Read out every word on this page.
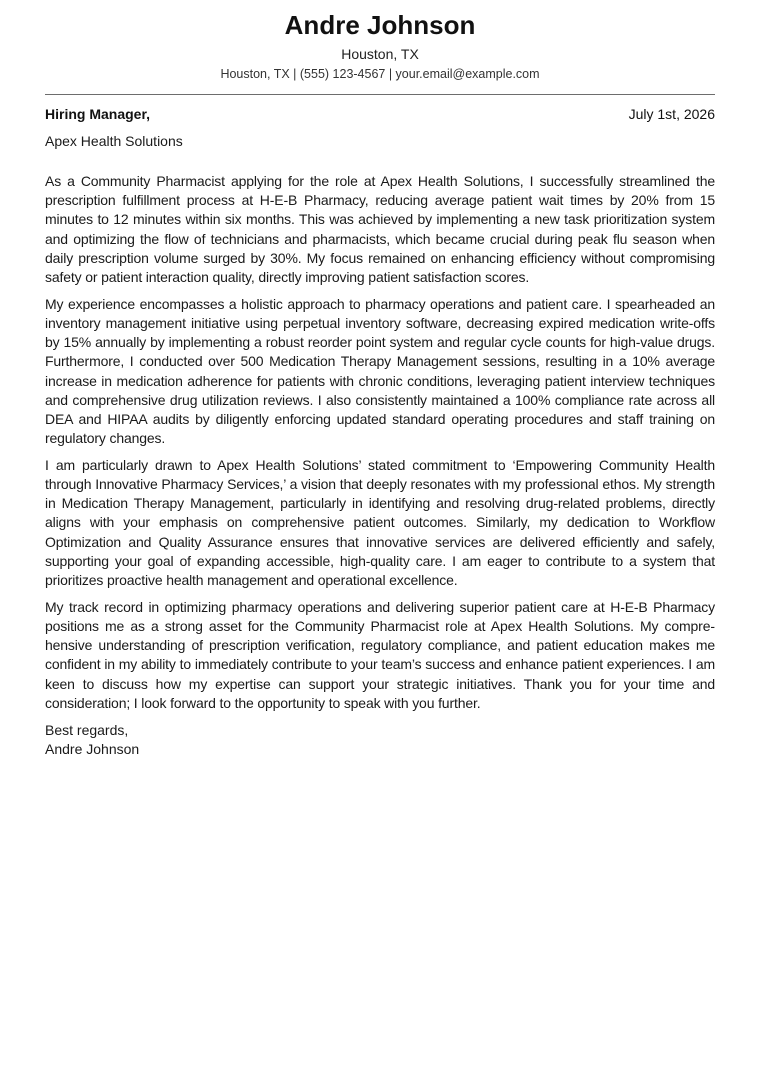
Andre Johnson
Houston, TX
Houston, TX | (555) 123-4567 | your.email@example.com
Hiring Manager,	July 1st, 2026
Apex Health Solutions

As a Community Pharmacist applying for the role at Apex Health Solutions, I successfully streamlined the prescription fulfillment process at H-E-B Pharmacy, reducing average patient wait times by 20% from 15 minutes to 12 minutes within six months. This was achieved by implementing a new task prioritization system and optimizing the flow of technicians and pharmacists, which became crucial during peak flu season when daily prescription volume surged by 30%. My focus remained on enhancing efficiency without compromising safety or patient interaction quality, directly improving patient satisfaction scores.

My experience encompasses a holistic approach to pharmacy operations and patient care. I spearheaded an inventory management initiative using perpetual inventory software, decreasing expired medication write-offs by 15% annually by implementing a robust reorder point system and regular cycle counts for high-value drugs. Furthermore, I conducted over 500 Medication Therapy Management sessions, resulting in a 10% average increase in medication adherence for patients with chronic conditions, leveraging patient interview techniques and comprehensive drug utilization reviews. I also consistently maintained a 100% compliance rate across all DEA and HIPAA audits by diligently enforcing updated standard operating procedures and staff training on regulatory changes.

I am particularly drawn to Apex Health Solutions’ stated commitment to ‘Empowering Community Health through Innovative Pharmacy Services,’ a vision that deeply resonates with my professional ethos. My strength in Medication Therapy Management, particularly in identifying and resolving drug-related problems, directly aligns with your emphasis on comprehensive patient outcomes. Similarly, my dedication to Workflow Optimization and Quality Assurance ensures that innovative services are delivered efficiently and safely, supporting your goal of expanding accessible, high-quality care. I am eager to contribute to a system that prioritizes proactive health management and operational excellence.

My track record in optimizing pharmacy operations and delivering superior patient care at H-E-B Pharmacy positions me as a strong asset for the Community Pharmacist role at Apex Health Solutions. My comprehensive understanding of prescription verification, regulatory compliance, and patient education makes me confident in my ability to immediately contribute to your team’s success and enhance patient experiences. I am keen to discuss how my expertise can support your strategic initiatives. Thank you for your time and consideration; I look forward to the opportunity to speak with you further.

Best regards,
Andre Johnson
